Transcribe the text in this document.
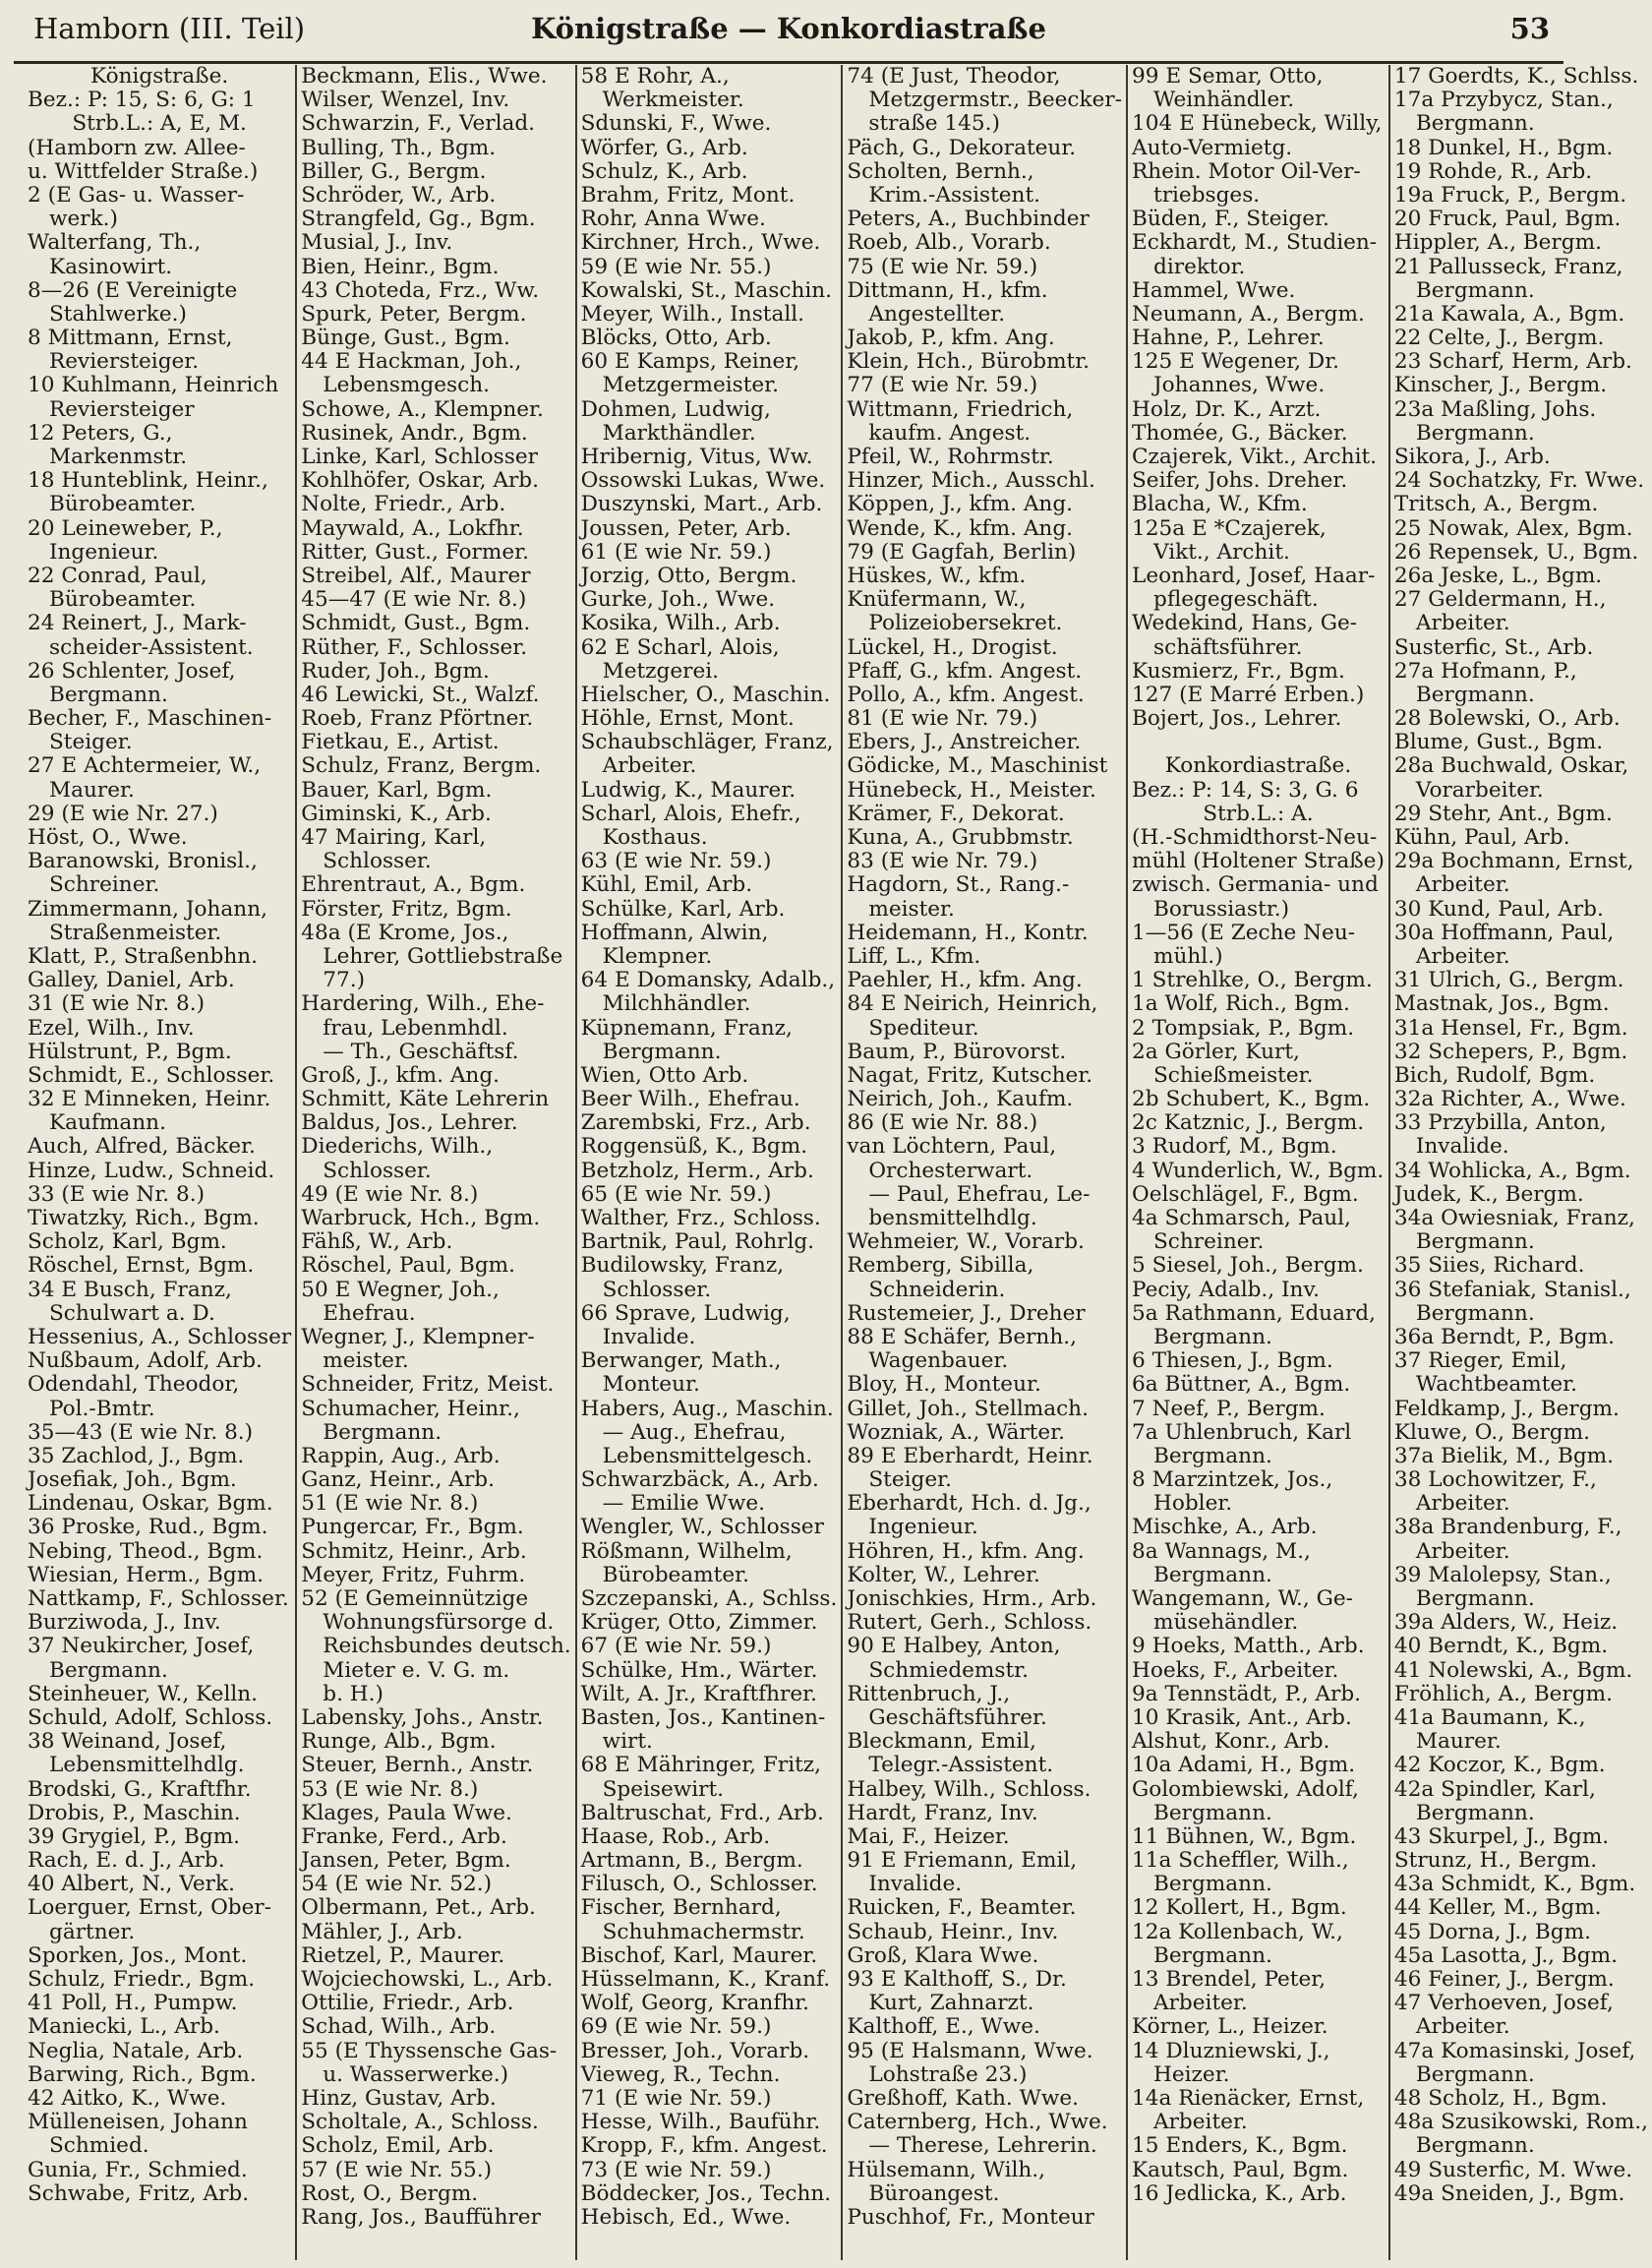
Hamborn (III. Teil)	Königstraße — Konkordiastraße	53
Königstraße.
Bez.: P: 15, S: 6, G: 1
Strb.L.: A, E, M.
(Hamborn zw. Allee-
u. Wittfelder Straße.)
2 (E Gas- u. Wasser-
werk.)
Walterfang, Th.,
Kasinowirt.
8—26 (E Vereinigte
Stahlwerke.)
8 Mittmann, Ernst,
Reviersteiger.
10 Kuhlmann, Heinrich
Reviersteiger
12 Peters, G.,
Markenmstr.
18 Hunteblink, Heinr.,
Bürobeamter.
20 Leineweber, P.,
Ingenieur.
22 Conrad, Paul,
Bürobeamter.
24 Reinert, J., Mark-
scheider-Assistent.
26 Schlenter, Josef,
Bergmann.
Becher, F., Maschinen-
Steiger.
27 E Achtermeier, W.,
Maurer.
29 (E wie Nr. 27.)
Höst, O., Wwe.
Baranowski, Bronisl.,
Schreiner.
Zimmermann, Johann,
Straßenmeister.
Klatt, P., Straßenbhn.
Galley, Daniel, Arb.
31 (E wie Nr. 8.)
Ezel, Wilh., Inv.
Hülstrunt, P., Bgm.
Schmidt, E., Schlosser.
32 E Minneken, Heinr.
Kaufmann.
Auch, Alfred, Bäcker.
Hinze, Ludw., Schneid.
33 (E wie Nr. 8.)
Tiwatzky, Rich., Bgm.
Scholz, Karl, Bgm.
Röschel, Ernst, Bgm.
34 E Busch, Franz,
Schulwart a. D.
Hessenius, A., Schlosser
Nußbaum, Adolf, Arb.
Odendahl, Theodor,
Pol.-Bmtr.
35—43 (E wie Nr. 8.)
35 Zachlod, J., Bgm.
Josefiak, Joh., Bgm.
Lindenau, Oskar, Bgm.
36 Proske, Rud., Bgm.
Nebing, Theod., Bgm.
Wiesian, Herm., Bgm.
Nattkamp, F., Schlosser.
Burziwoda, J., Inv.
37 Neukircher, Josef,
Bergmann.
Steinheuer, W., Kelln.
Schuld, Adolf, Schloss.
38 Weinand, Josef,
Lebensmittelhdlg.
Brodski, G., Kraftfhr.
Drobis, P., Maschin.
39 Grygiel, P., Bgm.
Rach, E. d. J., Arb.
40 Albert, N., Verk.
Loerguer, Ernst, Ober-
gärtner.
Sporken, Jos., Mont.
Schulz, Friedr., Bgm.
41 Poll, H., Pumpw.
Maniecki, L., Arb.
Neglia, Natale, Arb.
Barwing, Rich., Bgm.
42 Aitko, K., Wwe.
Mülleneisen, Johann
Schmied.
Gunia, Fr., Schmied.
Schwabe, Fritz, Arb.
Beckmann, Elis., Wwe.
Wilser, Wenzel, Inv.
Schwarzin, F., Verlad.
Bulling, Th., Bgm.
Biller, G., Bergm.
Schröder, W., Arb.
Strangfeld, Gg., Bgm.
Musial, J., Inv.
Bien, Heinr., Bgm.
43 Choteda, Frz., Ww.
Spurk, Peter, Bergm.
Bünge, Gust., Bgm.
44 E Hackman, Joh.,
Lebensmgesch.
Schowe, A., Klempner.
Rusinek, Andr., Bgm.
Linke, Karl, Schlosser
Kohlhöfer, Oskar, Arb.
Nolte, Friedr., Arb.
Maywald, A., Lokfhr.
Ritter, Gust., Former.
Streibel, Alf., Maurer
45—47 (E wie Nr. 8.)
Schmidt, Gust., Bgm.
Rüther, F., Schlosser.
Ruder, Joh., Bgm.
46 Lewicki, St., Walzf.
Roeb, Franz Pförtner.
Fietkau, E., Artist.
Schulz, Franz, Bergm.
Bauer, Karl, Bgm.
Giminski, K., Arb.
47 Mairing, Karl,
Schlosser.
Ehrentraut, A., Bgm.
Förster, Fritz, Bgm.
48a (E Krome, Jos.,
Lehrer, Gottliebstraße
77.)
Hardering, Wilh., Ehe-
frau, Lebenmhdl.
— Th., Geschäftsf.
Groß, J., kfm. Ang.
Schmitt, Käte Lehrerin
Baldus, Jos., Lehrer.
Diederichs, Wilh.,
Schlosser.
49 (E wie Nr. 8.)
Warbruck, Hch., Bgm.
Fähß, W., Arb.
Röschel, Paul, Bgm.
50 E Wegner, Joh.,
Ehefrau.
Wegner, J., Klempner-
meister.
Schneider, Fritz, Meist.
Schumacher, Heinr.,
Bergmann.
Rappin, Aug., Arb.
Ganz, Heinr., Arb.
51 (E wie Nr. 8.)
Pungercar, Fr., Bgm.
Schmitz, Heinr., Arb.
Meyer, Fritz, Fuhrm.
52 (E Gemeinnützige
Wohnungsfürsorge d.
Reichsbundes deutsch.
Mieter e. V. G. m.
b. H.)
Labensky, Johs., Anstr.
Runge, Alb., Bgm.
Steuer, Bernh., Anstr.
53 (E wie Nr. 8.)
Klages, Paula Wwe.
Franke, Ferd., Arb.
Jansen, Peter, Bgm.
54 (E wie Nr. 52.)
Olbermann, Pet., Arb.
Mähler, J., Arb.
Rietzel, P., Maurer.
Wojciechowski, L., Arb.
Ottilie, Friedr., Arb.
Schad, Wilh., Arb.
55 (E Thyssensche Gas-
u. Wasserwerke.)
Hinz, Gustav, Arb.
Scholtale, A., Schloss.
Scholz, Emil, Arb.
57 (E wie Nr. 55.)
Rost, O., Bergm.
Rang, Jos., Baufführer
58 E Rohr, A.,
Werkmeister.
Sdunski, F., Wwe.
Wörfer, G., Arb.
Schulz, K., Arb.
Brahm, Fritz, Mont.
Rohr, Anna Wwe.
Kirchner, Hrch., Wwe.
59 (E wie Nr. 55.)
Kowalski, St., Maschin.
Meyer, Wilh., Install.
Blöcks, Otto, Arb.
60 E Kamps, Reiner,
Metzgermeister.
Dohmen, Ludwig,
Markthändler.
Hribernig, Vitus, Ww.
Ossowski Lukas, Wwe.
Duszynski, Mart., Arb.
Joussen, Peter, Arb.
61 (E wie Nr. 59.)
Jorzig, Otto, Bergm.
Gurke, Joh., Wwe.
Kosika, Wilh., Arb.
62 E Scharl, Alois,
Metzgerei.
Hielscher, O., Maschin.
Höhle, Ernst, Mont.
Schaubschläger, Franz,
Arbeiter.
Ludwig, K., Maurer.
Scharl, Alois, Ehefr.,
Kosthaus.
63 (E wie Nr. 59.)
Kühl, Emil, Arb.
Schülke, Karl, Arb.
Hoffmann, Alwin,
Klempner.
64 E Domansky, Adalb.,
Milchhändler.
Küpnemann, Franz,
Bergmann.
Wien, Otto Arb.
Beer Wilh., Ehefrau.
Zarembski, Frz., Arb.
Roggensüß, K., Bgm.
Betzholz, Herm., Arb.
65 (E wie Nr. 59.)
Walther, Frz., Schloss.
Bartnik, Paul, Rohrlg.
Budilowsky, Franz,
Schlosser.
66 Sprave, Ludwig,
Invalide.
Berwanger, Math.,
Monteur.
Habers, Aug., Maschin.
— Aug., Ehefrau,
Lebensmittelgesch.
Schwarzbäck, A., Arb.
— Emilie Wwe.
Wengler, W., Schlosser
Rößmann, Wilhelm,
Bürobeamter.
Szczepanski, A., Schlss.
Krüger, Otto, Zimmer.
67 (E wie Nr. 59.)
Schülke, Hm., Wärter.
Wilt, A. Jr., Kraftfhrer.
Basten, Jos., Kantinen-
wirt.
68 E Mähringer, Fritz,
Speisewirt.
Baltruschat, Frd., Arb.
Haase, Rob., Arb.
Artmann, B., Bergm.
Filusch, O., Schlosser.
Fischer, Bernhard,
Schuhmachermstr.
Bischof, Karl, Maurer.
Hüsselmann, K., Kranf.
Wolf, Georg, Kranfhr.
69 (E wie Nr. 59.)
Bresser, Joh., Vorarb.
Vieweg, R., Techn.
71 (E wie Nr. 59.)
Hesse, Wilh., Bauführ.
Kropp, F., kfm. Angest.
73 (E wie Nr. 59.)
Böddecker, Jos., Techn.
Hebisch, Ed., Wwe.
74 (E Just, Theodor,
Metzgermstr., Beecker-
straße 145.)
Päch, G., Dekorateur.
Scholten, Bernh.,
Krim.-Assistent.
Peters, A., Buchbinder
Roeb, Alb., Vorarb.
75 (E wie Nr. 59.)
Dittmann, H., kfm.
Angestellter.
Jakob, P., kfm. Ang.
Klein, Hch., Bürobmtr.
77 (E wie Nr. 59.)
Wittmann, Friedrich,
kaufm. Angest.
Pfeil, W., Rohrmstr.
Hinzer, Mich., Ausschl.
Köppen, J., kfm. Ang.
Wende, K., kfm. Ang.
79 (E Gagfah, Berlin)
Hüskes, W., kfm.
Knüfermann, W.,
Polizeiobersekret.
Lückel, H., Drogist.
Pfaff, G., kfm. Angest.
Pollo, A., kfm. Angest.
81 (E wie Nr. 79.)
Ebers, J., Anstreicher.
Gödicke, M., Maschinist
Hünebeck, H., Meister.
Krämer, F., Dekorat.
Kuna, A., Grubbmstr.
83 (E wie Nr. 79.)
Hagdorn, St., Rang.-
meister.
Heidemann, H., Kontr.
Liff, L., Kfm.
Paehler, H., kfm. Ang.
84 E Neirich, Heinrich,
Spediteur.
Baum, P., Bürovorst.
Nagat, Fritz, Kutscher.
Neirich, Joh., Kaufm.
86 (E wie Nr. 88.)
van Löchtern, Paul,
Orchesterwart.
— Paul, Ehefrau, Le-
bensmittelhdlg.
Wehmeier, W., Vorarb.
Remberg, Sibilla,
Schneiderin.
Rustemeier, J., Dreher
88 E Schäfer, Bernh.,
Wagenbauer.
Bloy, H., Monteur.
Gillet, Joh., Stellmach.
Wozniak, A., Wärter.
89 E Eberhardt, Heinr.
Steiger.
Eberhardt, Hch. d. Jg.,
Ingenieur.
Höhren, H., kfm. Ang.
Kolter, W., Lehrer.
Jonischkies, Hrm., Arb.
Rutert, Gerh., Schloss.
90 E Halbey, Anton,
Schmiedemstr.
Rittenbruch, J.,
Geschäftsführer.
Bleckmann, Emil,
Telegr.-Assistent.
Halbey, Wilh., Schloss.
Hardt, Franz, Inv.
Mai, F., Heizer.
91 E Friemann, Emil,
Invalide.
Ruicken, F., Beamter.
Schaub, Heinr., Inv.
Groß, Klara Wwe.
93 E Kalthoff, S., Dr.
Kurt, Zahnarzt.
Kalthoff, E., Wwe.
95 (E Halsmann, Wwe.
Lohstraße 23.)
Greßhoff, Kath. Wwe.
Caternberg, Hch., Wwe.
— Therese, Lehrerin.
Hülsemann, Wilh.,
Büroangest.
Puschhof, Fr., Monteur
99 E Semar, Otto,
Weinhändler.
104 E Hünebeck, Willy,
Auto-Vermietg.
Rhein. Motor Oil-Ver-
triebsges.
Büden, F., Steiger.
Eckhardt, M., Studien-
direktor.
Hammel, Wwe.
Neumann, A., Bergm.
Hahne, P., Lehrer.
125 E Wegener, Dr.
Johannes, Wwe.
Holz, Dr. K., Arzt.
Thomée, G., Bäcker.
Czajerek, Vikt., Archit.
Seifer, Johs. Dreher.
Blacha, W., Kfm.
125a E *Czajerek,
Vikt., Archit.
Leonhard, Josef, Haar-
pflegegeschäft.
Wedekind, Hans, Ge-
schäftsführer.
Kusmierz, Fr., Bgm.
127 (E Marré Erben.)
Bojert, Jos., Lehrer.
Konkordiastraße.
Bez.: P: 14, S: 3, G. 6
Strb.L.: A.
(H.-Schmidthorst-Neu-
mühl (Holtener Straße)
zwisch. Germania- und
Borussiastr.)
1—56 (E Zeche Neu-
mühl.)
1 Strehlke, O., Bergm.
1a Wolf, Rich., Bgm.
2 Tompsiak, P., Bgm.
2a Görler, Kurt,
Schießmeister.
2b Schubert, K., Bgm.
2c Katznic, J., Bergm.
3 Rudorf, M., Bgm.
4 Wunderlich, W., Bgm.
Oelschlägel, F., Bgm.
4a Schmarsch, Paul,
Schreiner.
5 Siesel, Joh., Bergm.
Peciy, Adalb., Inv.
5a Rathmann, Eduard,
Bergmann.
6 Thiesen, J., Bgm.
6a Büttner, A., Bgm.
7 Neef, P., Bergm.
7a Uhlenbruch, Karl
Bergmann.
8 Marzintzek, Jos.,
Hobler.
Mischke, A., Arb.
8a Wannags, M.,
Bergmann.
Wangemann, W., Ge-
müsehändler.
9 Hoeks, Matth., Arb.
Hoeks, F., Arbeiter.
9a Tennstädt, P., Arb.
10 Krasik, Ant., Arb.
Alshut, Konr., Arb.
10a Adami, H., Bgm.
Golombiewski, Adolf,
Bergmann.
11 Bühnen, W., Bgm.
11a Scheffler, Wilh.,
Bergmann.
12 Kollert, H., Bgm.
12a Kollenbach, W.,
Bergmann.
13 Brendel, Peter,
Arbeiter.
Körner, L., Heizer.
14 Dluzniewski, J.,
Heizer.
14a Rienäcker, Ernst,
Arbeiter.
15 Enders, K., Bgm.
Kautsch, Paul, Bgm.
16 Jedlicka, K., Arb.
17 Goerdts, K., Schlss.
17a Przybycz, Stan.,
Bergmann.
18 Dunkel, H., Bgm.
19 Rohde, R., Arb.
19a Fruck, P., Bergm.
20 Fruck, Paul, Bgm.
Hippler, A., Bergm.
21 Pallusseck, Franz,
Bergmann.
21a Kawala, A., Bgm.
22 Celte, J., Bergm.
23 Scharf, Herm, Arb.
Kinscher, J., Bergm.
23a Maßling, Johs.
Bergmann.
Sikora, J., Arb.
24 Sochatzky, Fr. Wwe.
Tritsch, A., Bergm.
25 Nowak, Alex, Bgm.
26 Repensek, U., Bgm.
26a Jeske, L., Bgm.
27 Geldermann, H.,
Arbeiter.
Susterfic, St., Arb.
27a Hofmann, P.,
Bergmann.
28 Bolewski, O., Arb.
Blume, Gust., Bgm.
28a Buchwald, Oskar,
Vorarbeiter.
29 Stehr, Ant., Bgm.
Kühn, Paul, Arb.
29a Bochmann, Ernst,
Arbeiter.
30 Kund, Paul, Arb.
30a Hoffmann, Paul,
Arbeiter.
31 Ulrich, G., Bergm.
Mastnak, Jos., Bgm.
31a Hensel, Fr., Bgm.
32 Schepers, P., Bgm.
Bich, Rudolf, Bgm.
32a Richter, A., Wwe.
33 Przybilla, Anton,
Invalide.
34 Wohlicka, A., Bgm.
Judek, K., Bergm.
34a Owiesniak, Franz,
Bergmann.
35 Siies, Richard.
36 Stefaniak, Stanisl.,
Bergmann.
36a Berndt, P., Bgm.
37 Rieger, Emil,
Wachtbeamter.
Feldkamp, J., Bergm.
Kluwe, O., Bergm.
37a Bielik, M., Bgm.
38 Lochowitzer, F.,
Arbeiter.
38a Brandenburg, F.,
Arbeiter.
39 Malolepsy, Stan.,
Bergmann.
39a Alders, W., Heiz.
40 Berndt, K., Bgm.
41 Nolewski, A., Bgm.
Fröhlich, A., Bergm.
41a Baumann, K.,
Maurer.
42 Koczor, K., Bgm.
42a Spindler, Karl,
Bergmann.
43 Skurpel, J., Bgm.
Strunz, H., Bergm.
43a Schmidt, K., Bgm.
44 Keller, M., Bgm.
45 Dorna, J., Bgm.
45a Lasotta, J., Bgm.
46 Feiner, J., Bergm.
47 Verhoeven, Josef,
Arbeiter.
47a Komasinski, Josef,
Bergmann.
48 Scholz, H., Bgm.
48a Szusikowski, Rom.,
Bergmann.
49 Susterfic, M. Wwe.
49a Sneiden, J., Bgm.
